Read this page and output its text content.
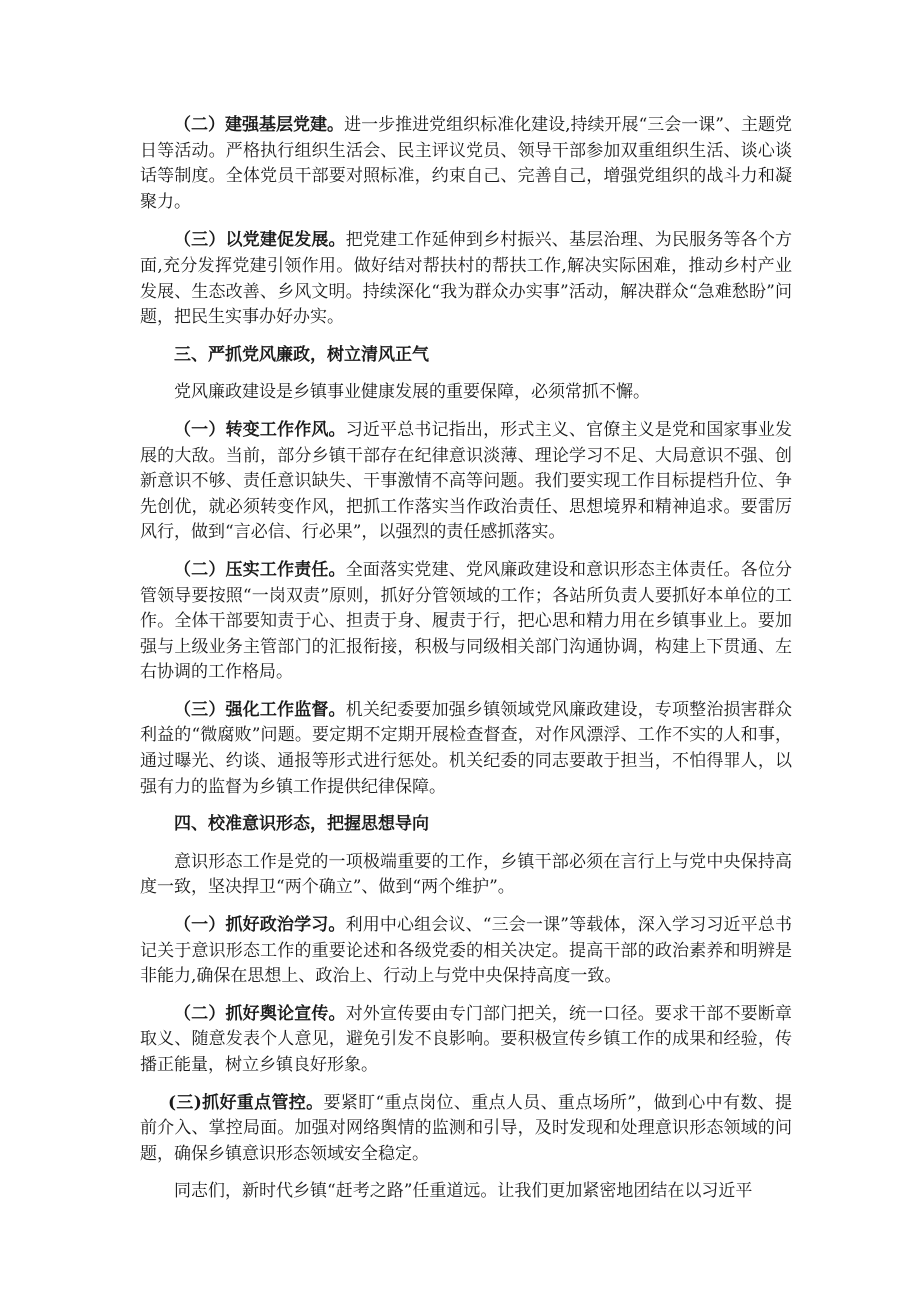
（二）建强基层党建。进一步推进党组织标准化建设,持续开展“三会一课”、主题党日等活动。严格执行组织生活会、民主评议党员、领导干部参加双重组织生活、谈心谈话等制度。全体党员干部要对照标准，约束自己、完善自己，增强党组织的战斗力和凝聚力。

（三）以党建促发展。把党建工作延伸到乡村振兴、基层治理、为民服务等各个方面,充分发挥党建引领作用。做好结对帮扶村的帮扶工作,解决实际困难，推动乡村产业发展、生态改善、乡风文明。持续深化“我为群众办实事”活动，解决群众“急难愁盼”问题，把民生实事办好办实。

三、严抓党风廉政，树立清风正气

党风廉政建设是乡镇事业健康发展的重要保障，必须常抓不懈。

（一）转变工作作风。习近平总书记指出，形式主义、官僚主义是党和国家事业发展的大敌。当前，部分乡镇干部存在纪律意识淡薄、理论学习不足、大局意识不强、创新意识不够、责任意识缺失、干事激情不高等问题。我们要实现工作目标提档升位、争先创优，就必须转变作风，把抓工作落实当作政治责任、思想境界和精神追求。要雷厉风行，做到“言必信、行必果”，以强烈的责任感抓落实。

（二）压实工作责任。全面落实党建、党风廉政建设和意识形态主体责任。各位分管领导要按照“一岗双责”原则，抓好分管领域的工作；各站所负责人要抓好本单位的工作。全体干部要知责于心、担责于身、履责于行，把心思和精力用在乡镇事业上。要加强与上级业务主管部门的汇报衔接，积极与同级相关部门沟通协调，构建上下贯通、左右协调的工作格局。

（三）强化工作监督。机关纪委要加强乡镇领域党风廉政建设，专项整治损害群众利益的“微腐败”问题。要定期不定期开展检查督查，对作风漂浮、工作不实的人和事，通过曝光、约谈、通报等形式进行惩处。机关纪委的同志要敢于担当，不怕得罪人，以强有力的监督为乡镇工作提供纪律保障。

四、校准意识形态，把握思想导向

意识形态工作是党的一项极端重要的工作，乡镇干部必须在言行上与党中央保持高度一致，坚决捍卫“两个确立”、做到“两个维护”。

（一）抓好政治学习。利用中心组会议、“三会一课”等载体，深入学习习近平总书记关于意识形态工作的重要论述和各级党委的相关决定。提高干部的政治素养和明辨是非能力,确保在思想上、政治上、行动上与党中央保持高度一致。

（二）抓好舆论宣传。对外宣传要由专门部门把关，统一口径。要求干部不要断章取义、随意发表个人意见，避免引发不良影响。要积极宣传乡镇工作的成果和经验，传播正能量，树立乡镇良好形象。

(三)抓好重点管控。要紧盯“重点岗位、重点人员、重点场所”，做到心中有数、提前介入、掌控局面。加强对网络舆情的监测和引导，及时发现和处理意识形态领域的问题，确保乡镇意识形态领域安全稳定。

同志们，新时代乡镇“赶考之路”任重道远。让我们更加紧密地团结在以习近平
